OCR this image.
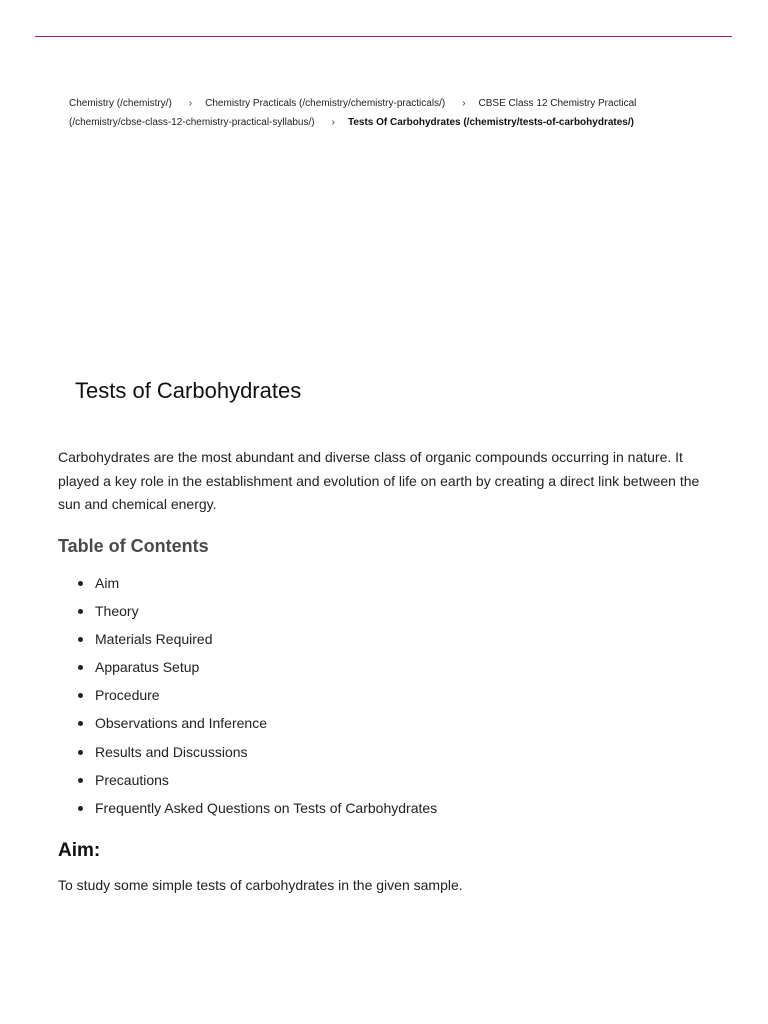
Chemistry (/chemistry/) › Chemistry Practicals (/chemistry/chemistry-practicals/) › CBSE Class 12 Chemistry Practical (/chemistry/cbse-class-12-chemistry-practical-syllabus/) › Tests Of Carbohydrates (/chemistry/tests-of-carbohydrates/)
Tests of Carbohydrates

Carbohydrates are the most abundant and diverse class of organic compounds occurring in nature. It played a key role in the establishment and evolution of life on earth by creating a direct link between the sun and chemical energy.

Table of Contents
Aim
Theory
Materials Required
Apparatus Setup
Procedure
Observations and Inference
Results and Discussions
Precautions
Frequently Asked Questions on Tests of Carbohydrates
Aim:

To study some simple tests of carbohydrates in the given sample.
